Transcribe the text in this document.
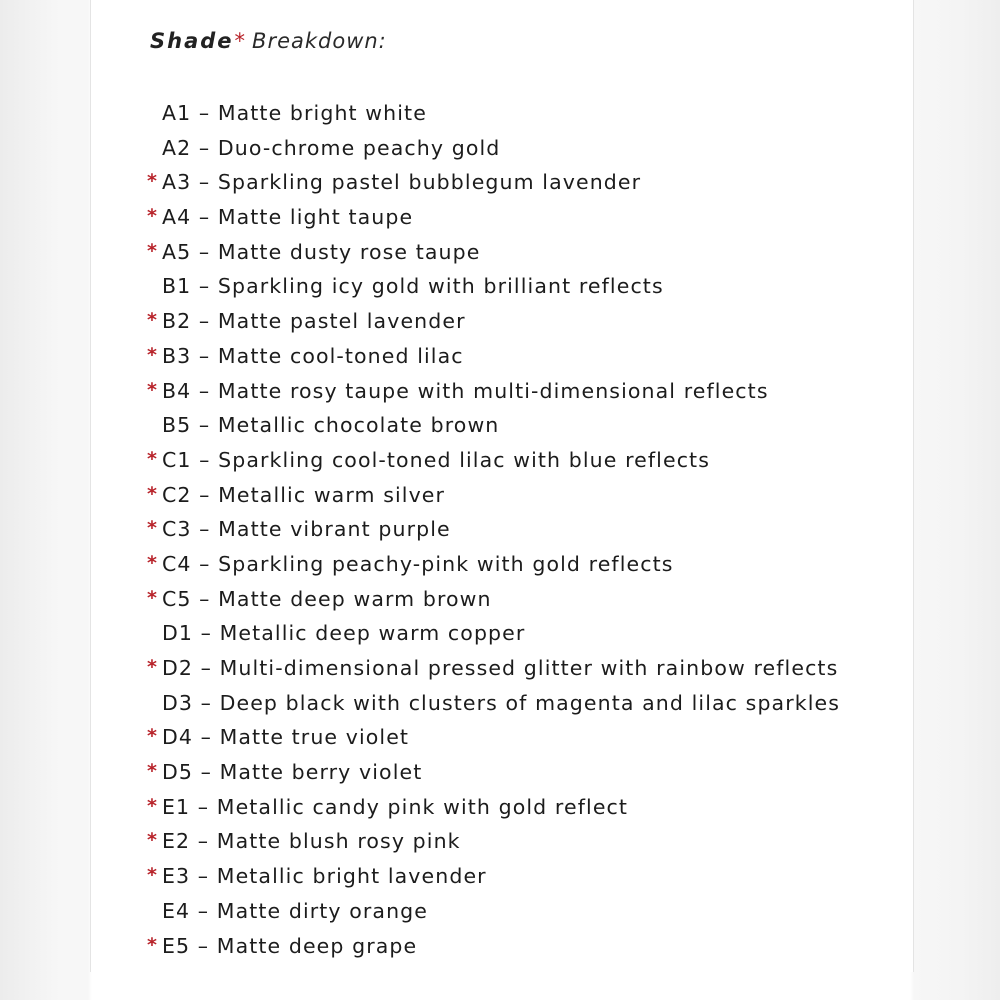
Shade* Breakdown:
A1 – Matte bright white
A2 – Duo-chrome peachy gold
* A3 – Sparkling pastel bubblegum lavender
* A4 – Matte light taupe
* A5 – Matte dusty rose taupe
B1 – Sparkling icy gold with brilliant reflects
* B2 – Matte pastel lavender
* B3 – Matte cool-toned lilac
* B4 – Matte rosy taupe with multi-dimensional reflects
B5 – Metallic chocolate brown
* C1 – Sparkling cool-toned lilac with blue reflects
* C2 – Metallic warm silver
* C3 – Matte vibrant purple
* C4 – Sparkling peachy-pink with gold reflects
* C5 – Matte deep warm brown
D1 – Metallic deep warm copper
* D2 – Multi-dimensional pressed glitter with rainbow reflects
D3 – Deep black with clusters of magenta and lilac sparkles
* D4 – Matte true violet
* D5 – Matte berry violet
* E1 – Metallic candy pink with gold reflect
* E2 – Matte blush rosy pink
* E3 – Metallic bright lavender
E4 – Matte dirty orange
* E5 – Matte deep grape
